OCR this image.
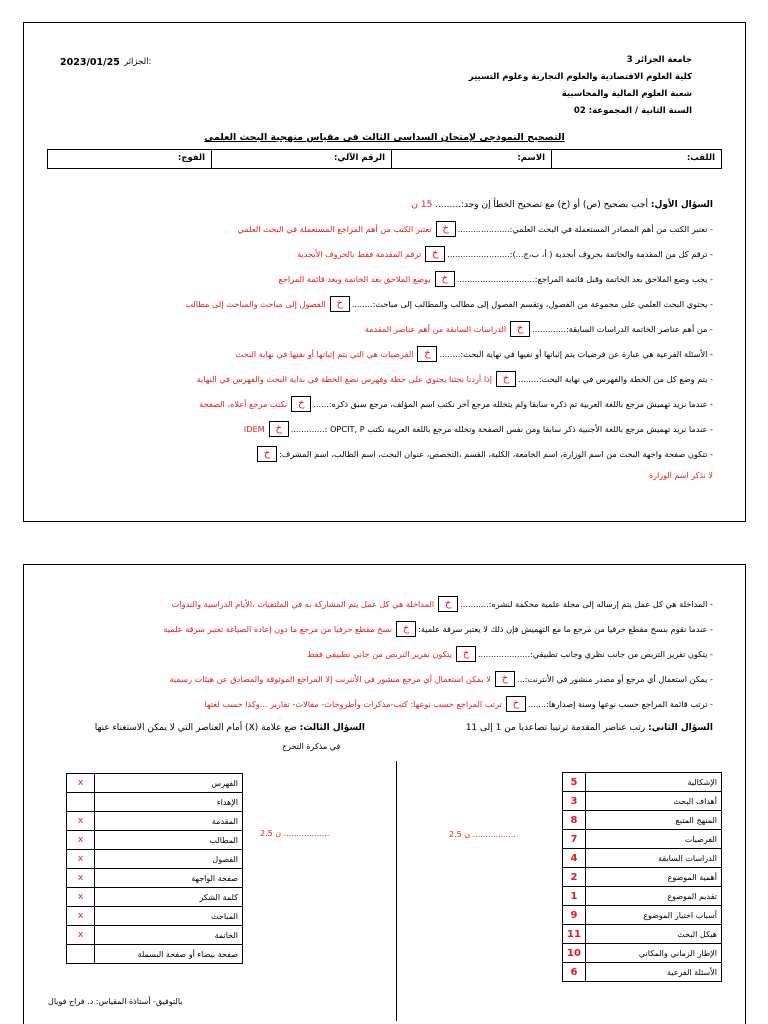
جامعة الجزائر 3
كلية العلوم الاقتصادية والعلوم التجارية وعلوم التسيير
شعبة العلوم المالية والمحاسبية
السنة الثانية / المجموعة: 02
الجزائر:
2023/01/25
التصحيح النموذجي لإمتحان السداسي الثالث في مقياس منهجية البحث العلمي
اللقب:
الاسم:
الرقم الآلي:
الفوج:
السؤال الأول: أجب بصحيح (ص) أو (خ) مع تصحيح الخطأ إن وجد:......... 15 ن
- تعتبر الكتب من أهم المصادر المستعملة في البحث العلمي:
....................
خ
تعتبر الكتب من أهم المراجع المستعملة في البحث العلمي
- ترقم كل من المقدمة والخاتمة بحروف أبجدية ( أ، ب،ج...):
........................
خ
ترقم المقدمة فقط بالحروف الأبجدية
- يجب وضع الملاحق بعد الخاتمة وقبل قائمة المراجع:
..............................
خ
يوضع الملاحق بعد الخاتمة وبعد قائمة المراجع
- يحتوي البحث العلمي على مجموعة من الفصول، وتقسم الفصول إلى مطالب والمطالب إلى مباحث:
........
خ
الفصول إلى مباحث والمباحث إلى مطالب
- من أهم عناصر الخاتمة الدراسات السابقة:
.............
خ
الدراسات السابقة من أهم عناصر المقدمة
- الأسئلة الفرعية هي عبارة عن فرضيات يتم إثباتها أو نفيها في نهاية البحث:
........
خ
الفرضيات هي التي يتم إثباتها أو نفيها في نهاية البحث
- يتم وضع كل من الخطة والفهرس في نهاية البحث:
........
خ
إذا أردنا بحثنا يحتوي على خطة وفهرس نضع الخطة في بداية البحث والفهرس في النهاية
- عندما نريد تهميش مرجع باللغة العربية تم ذكره سابقا ولم يتخلله مرجع آخر نكتب اسم المؤلف، مرجع سبق ذكره:
......
خ
نكتب مرجع أعلاه، الصفحة
- عندما نريد تهميش مرجع باللغة الأجنبية ذكر سابقا ومن نفس الصفحة وتخلله مرجع باللغة العربية نكتب OPCIT, P :
.............
خ
IDEM
- تتكون صفحة واجهة البحث من اسم الوزارة، اسم الجامعة، الكلية، القسم ،التخصص، عنوان البحث، اسم الطالب، اسم المشرف:
خ
لا نذكر اسم الوزارة
- المداخلة هي كل عمل يتم إرساله إلى مجلة علمية محكمة لنشره:
...........
خ
المداخلة هي كل عمل يتم المشاركة به في الملتقيات ،الأيام الدراسية والندوات
- عندما نقوم بنسخ مقطع حرفيا من مرجع ما مع التهميش فإن ذلك لا يعتبر سرقة علمية:
خ
نسخ مقطع حرفيا من مرجع ما دون إعادة الصياغة تعتبر سرقة علمية
- يتكون تقرير التربص من جانب نظري وجانب تطبيقي:
....................
خ
يتكون تقرير التربص من جاني تطبيقي فقط
- يمكن استعمال أي مرجع أو مصدر منشور في الأنترنت:
...
خ
لا يمكن استعمال أي مرجع منشور في الأنترنت إلا المراجع الموثوقة والمصادق عن هيئات رسمية
- ترتب قائمة المراجع حسب نوعها وسنة إصدارها:
.......
خ
ترتب المراجع حسب نوعها: كتب-مذكرات وأطروحات- مقالات- تقارير ...وكذا حسب لغتها
السؤال الثاني: رتب عناصر المقدمة ترتيبا تصاعديا من 1 إلى 11
السؤال الثالث: ضع علامة (X) أمام العناصر التي لا يمكن الاستغناء عنها
في مذكرة التخرج
الإشكالية	5
أهداف البحث	3
المنهج المتبع	8
الفرضيات	7
الدراسات السابقة	4
أهمية الموضوع	2
تقديم الموضوع	1
أسباب اختيار الموضوع	9
هيكل البحث	11
الإطار الزماني والمكاني	10
الأسئلة الفرعية	6
2.5 ن .................
الفهرس	x
الإهداء	
المقدمة	x
المطالب	x
الفصول	x
صفحة الواجهة	x
كلمة الشكر	x
المباحث	x
الخاتمة	x
صفحة بيضاء أو صفحة البسملة	
2.5 ن ..................
بالتوفيق- أستاذة المقياس: د. فراح فويال
